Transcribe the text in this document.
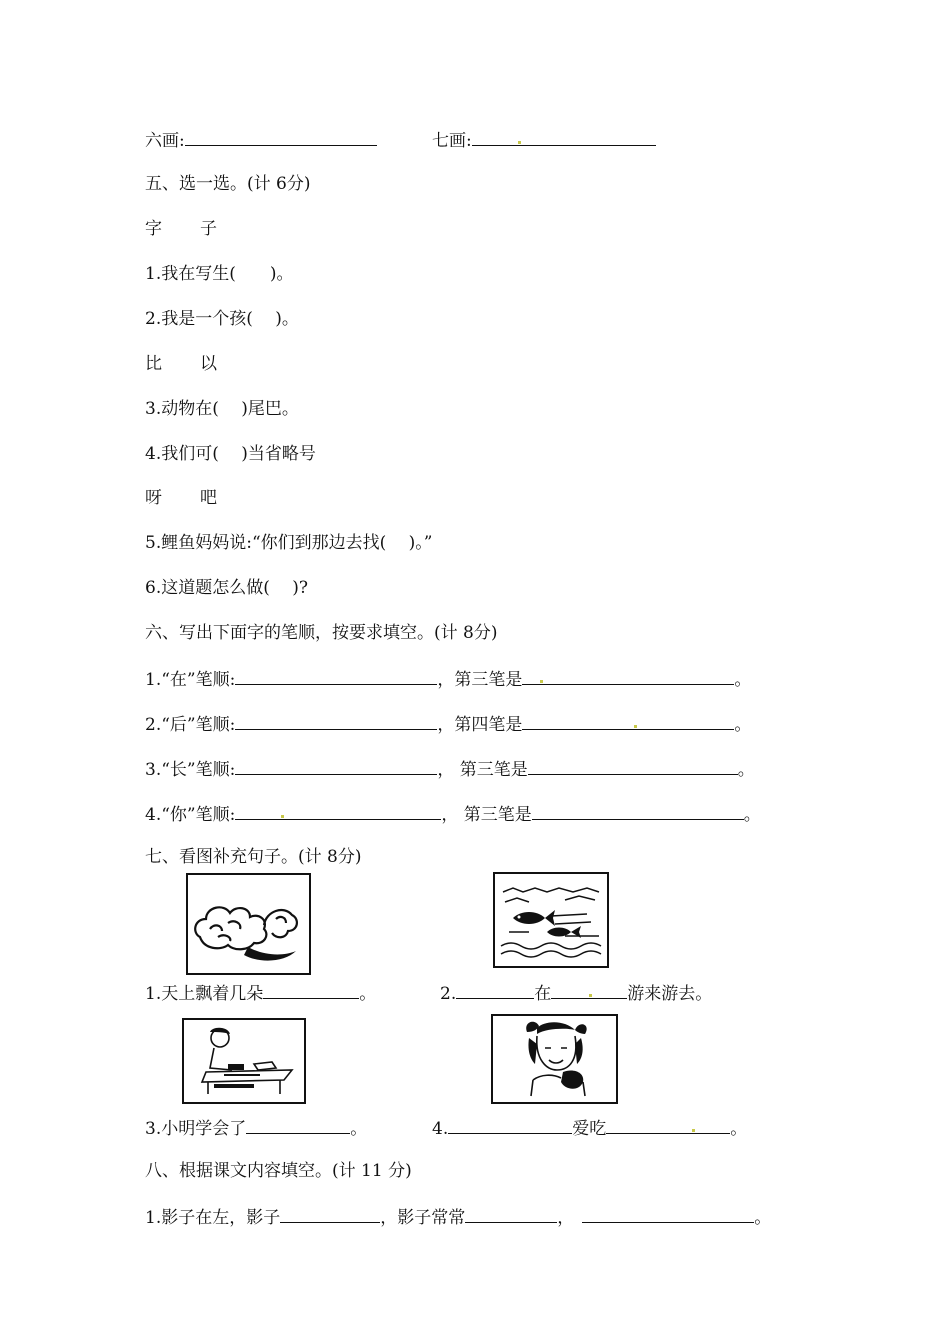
六画:	七画:
五、选一选。(计 6分)
字 子
1.我在写生(　　)。
2.我是一个孩(　 )。
比 以
3.动物在(　 )尾巴。
4.我们可(　 )当省略号
呀 吧
5.鲤鱼妈妈说:“你们到那边去找(　 )。”
6.这道题怎么做(　 )?
六、写出下面字的笔顺，按要求填空。(计 8分)
1.“在”笔顺:	，第三笔是	。
2.“后”笔顺:	，第四笔是	。
3.“长”笔顺:	， 第三笔是	。
4.“你”笔顺:	， 第三笔是	。
七、看图补充句子。(计 8分)
1.天上飘着几朵	。	2.	在	游来游去。
3.小明学会了	。	4.	爱吃	。
八、根据课文内容填空。(计 11 分)
1.影子在左，影子	，影子常常	，	。
